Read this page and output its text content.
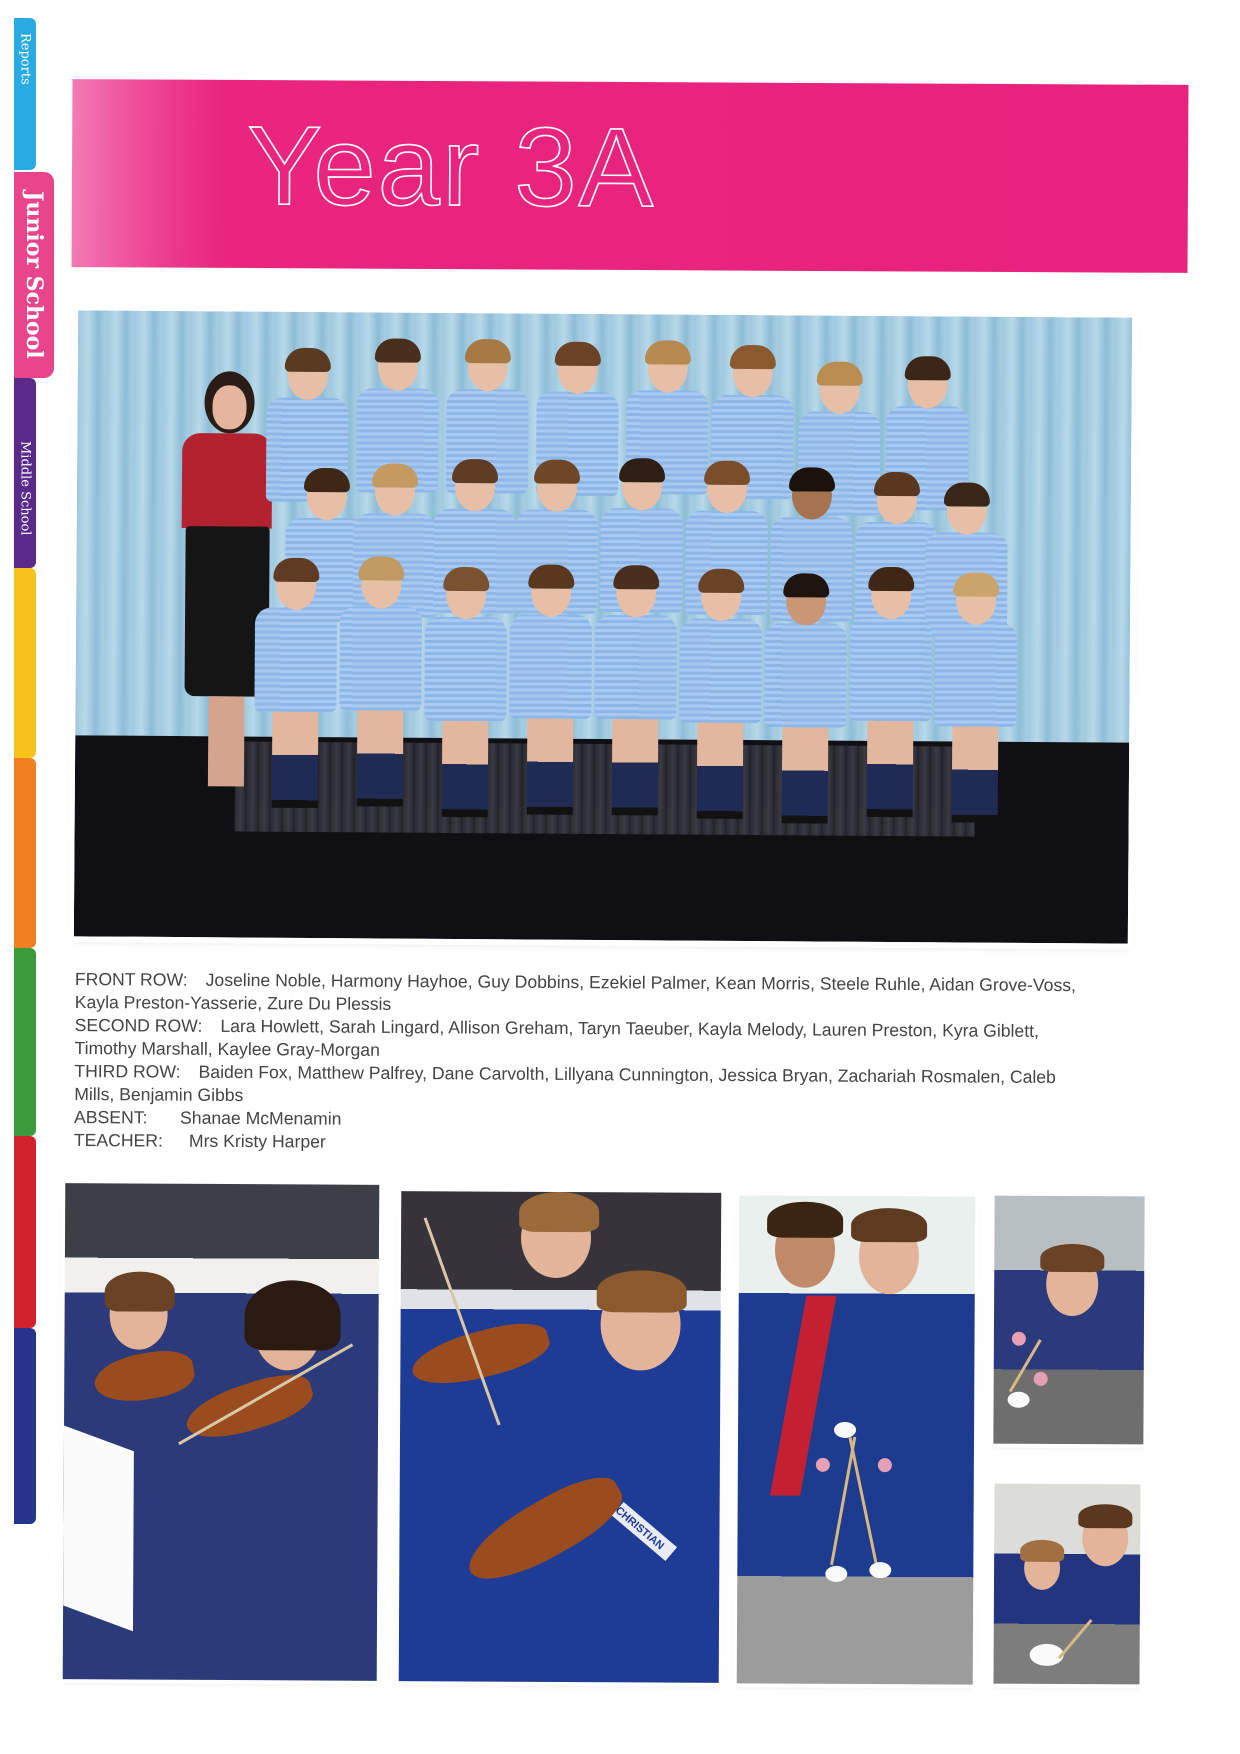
Reports
Middle School
Junior School
Year 3A
FRONT ROW: Joseline Noble, Harmony Hayhoe, Guy Dobbins, Ezekiel Palmer, Kean Morris, Steele Ruhle, Aidan Grove-Voss,
Kayla Preston-Yasserie, Zure Du Plessis
SECOND ROW: Lara Howlett, Sarah Lingard, Allison Greham, Taryn Taeuber, Kayla Melody, Lauren Preston, Kyra Giblett,
Timothy Marshall, Kaylee Gray-Morgan
THIRD ROW: Baiden Fox, Matthew Palfrey, Dane Carvolth, Lillyana Cunnington, Jessica Bryan, Zachariah Rosmalen, Caleb
Mills, Benjamin Gibbs
ABSENT: Shanae McMenamin
TEACHER: Mrs Kristy Harper
CHRISTIAN
